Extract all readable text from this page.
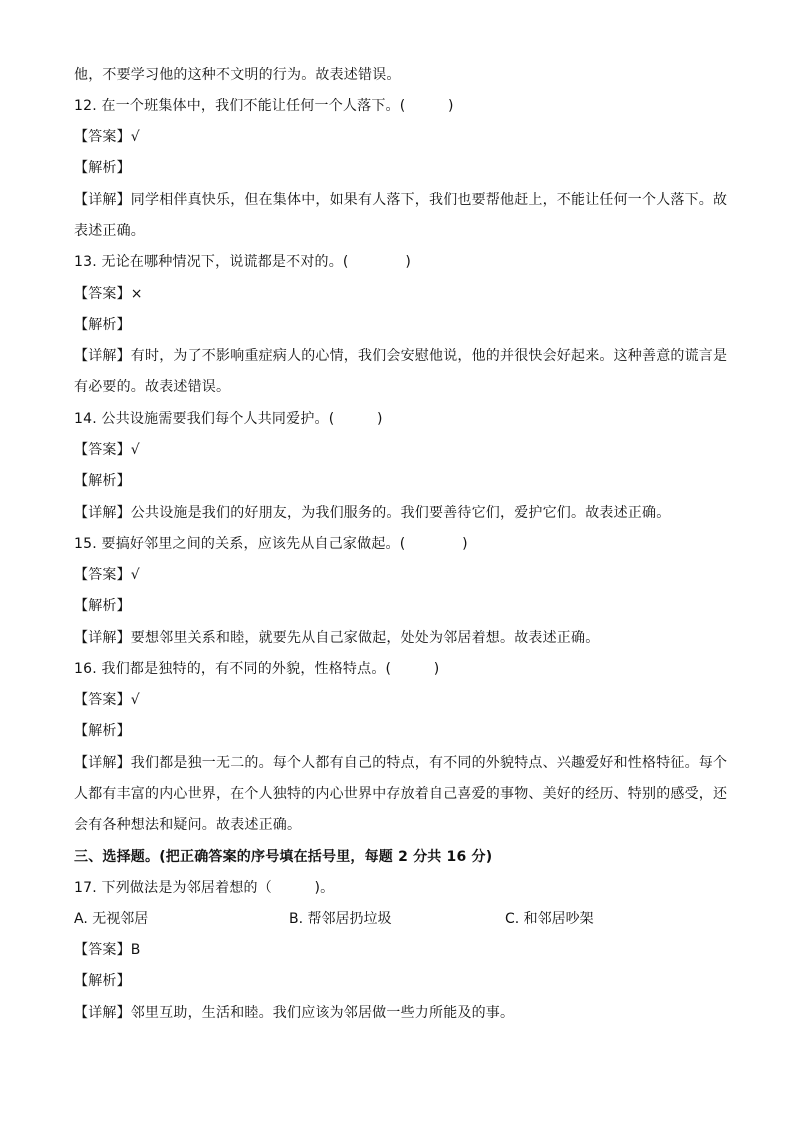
他，不要学习他的这种不文明的行为。故表述错误。
12. 在一个班集体中，我们不能让任何一个人落下。(　　　)
【答案】√
【解析】
【详解】同学相伴真快乐，但在集体中，如果有人落下，我们也要帮他赶上，不能让任何一个人落下。故
表述正确。
13. 无论在哪种情况下，说谎都是不对的。(　　　　)
【答案】×
【解析】
【详解】有时，为了不影响重症病人的心情，我们会安慰他说，他的并很快会好起来。这种善意的谎言是
有必要的。故表述错误。
14. 公共设施需要我们每个人共同爱护。(　　　)
【答案】√
【解析】
【详解】公共设施是我们的好朋友，为我们服务的。我们要善待它们，爱护它们。故表述正确。
15. 要搞好邻里之间的关系，应该先从自己家做起。(　　　　)
【答案】√
【解析】
【详解】要想邻里关系和睦，就要先从自己家做起，处处为邻居着想。故表述正确。
16. 我们都是独特的，有不同的外貌，性格特点。(　　　)
【答案】√
【解析】
【详解】我们都是独一无二的。每个人都有自己的特点，有不同的外貌特点、兴趣爱好和性格特征。每个
人都有丰富的内心世界，在个人独特的内心世界中存放着自己喜爱的事物、美好的经历、特别的感受，还
会有各种想法和疑问。故表述正确。
三、选择题。(把正确答案的序号填在括号里，每题 2 分共 16 分)
17. 下列做法是为邻居着想的（　　　)。
A. 无视邻居	B. 帮邻居扔垃圾	C. 和邻居吵架
【答案】B
【解析】
【详解】邻里互助，生活和睦。我们应该为邻居做一些力所能及的事。
